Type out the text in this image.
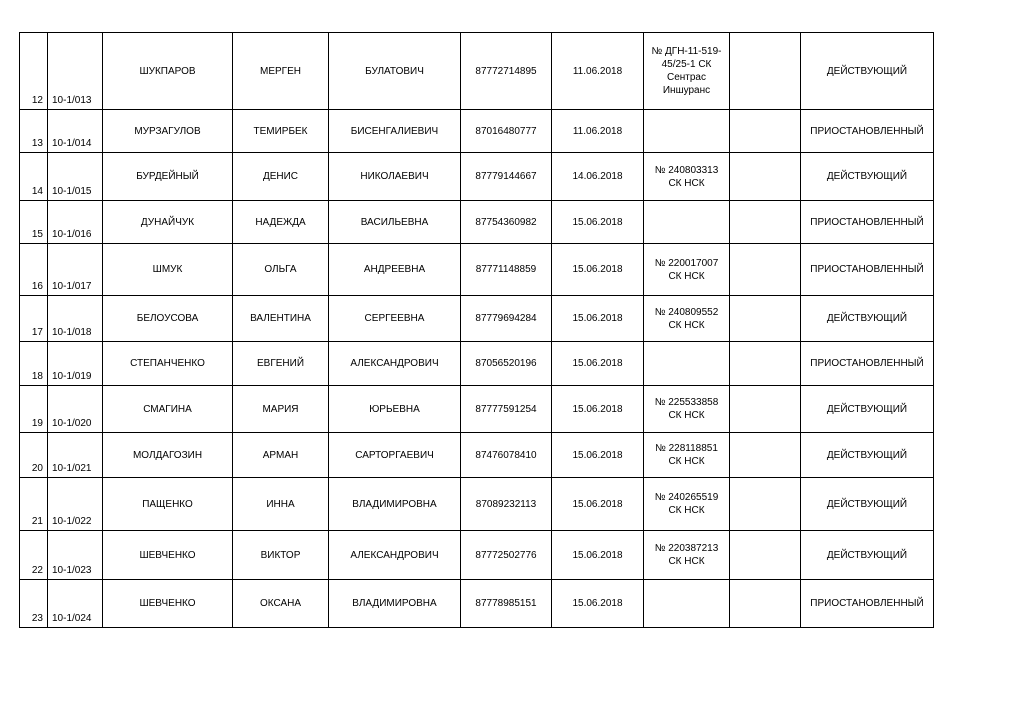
12	10-1/013	ШУКПАРОВ	МЕРГЕН	БУЛАТОВИЧ	87772714895	11.06.2018	№ ДГН-11-519-
45/25-1 СК
Сентрас
Иншуранс		ДЕЙСТВУЮЩИЙ
13	10-1/014	МУРЗАГУЛОВ	ТЕМИРБЕК	БИСЕНГАЛИЕВИЧ	87016480777	11.06.2018			ПРИОСТАНОВЛЕННЫЙ
14	10-1/015	БУРДЕЙНЫЙ	ДЕНИС	НИКОЛАЕВИЧ	87779144667	14.06.2018	№ 240803313
СК НСК		ДЕЙСТВУЮЩИЙ
15	10-1/016	ДУНАЙЧУК	НАДЕЖДА	ВАСИЛЬЕВНА	87754360982	15.06.2018			ПРИОСТАНОВЛЕННЫЙ
16	10-1/017	ШМУК	ОЛЬГА	АНДРЕЕВНА	87771148859	15.06.2018	№ 220017007
СК НСК		ПРИОСТАНОВЛЕННЫЙ
17	10-1/018	БЕЛОУСОВА	ВАЛЕНТИНА	СЕРГЕЕВНА	87779694284	15.06.2018	№ 240809552
СК НСК		ДЕЙСТВУЮЩИЙ
18	10-1/019	СТЕПАНЧЕНКО	ЕВГЕНИЙ	АЛЕКСАНДРОВИЧ	87056520196	15.06.2018			ПРИОСТАНОВЛЕННЫЙ
19	10-1/020	СМАГИНА	МАРИЯ	ЮРЬЕВНА	87777591254	15.06.2018	№ 225533858
СК НСК		ДЕЙСТВУЮЩИЙ
20	10-1/021	МОЛДАГОЗИН	АРМАН	САРТОРГАЕВИЧ	87476078410	15.06.2018	№ 228118851
СК НСК		ДЕЙСТВУЮЩИЙ
21	10-1/022	ПАЩЕНКО	ИННА	ВЛАДИМИРОВНА	87089232113	15.06.2018	№ 240265519
СК НСК		ДЕЙСТВУЮЩИЙ
22	10-1/023	ШЕВЧЕНКО	ВИКТОР	АЛЕКСАНДРОВИЧ	87772502776	15.06.2018	№ 220387213
СК НСК		ДЕЙСТВУЮЩИЙ
23	10-1/024	ШЕВЧЕНКО	ОКСАНА	ВЛАДИМИРОВНА	87778985151	15.06.2018			ПРИОСТАНОВЛЕННЫЙ
